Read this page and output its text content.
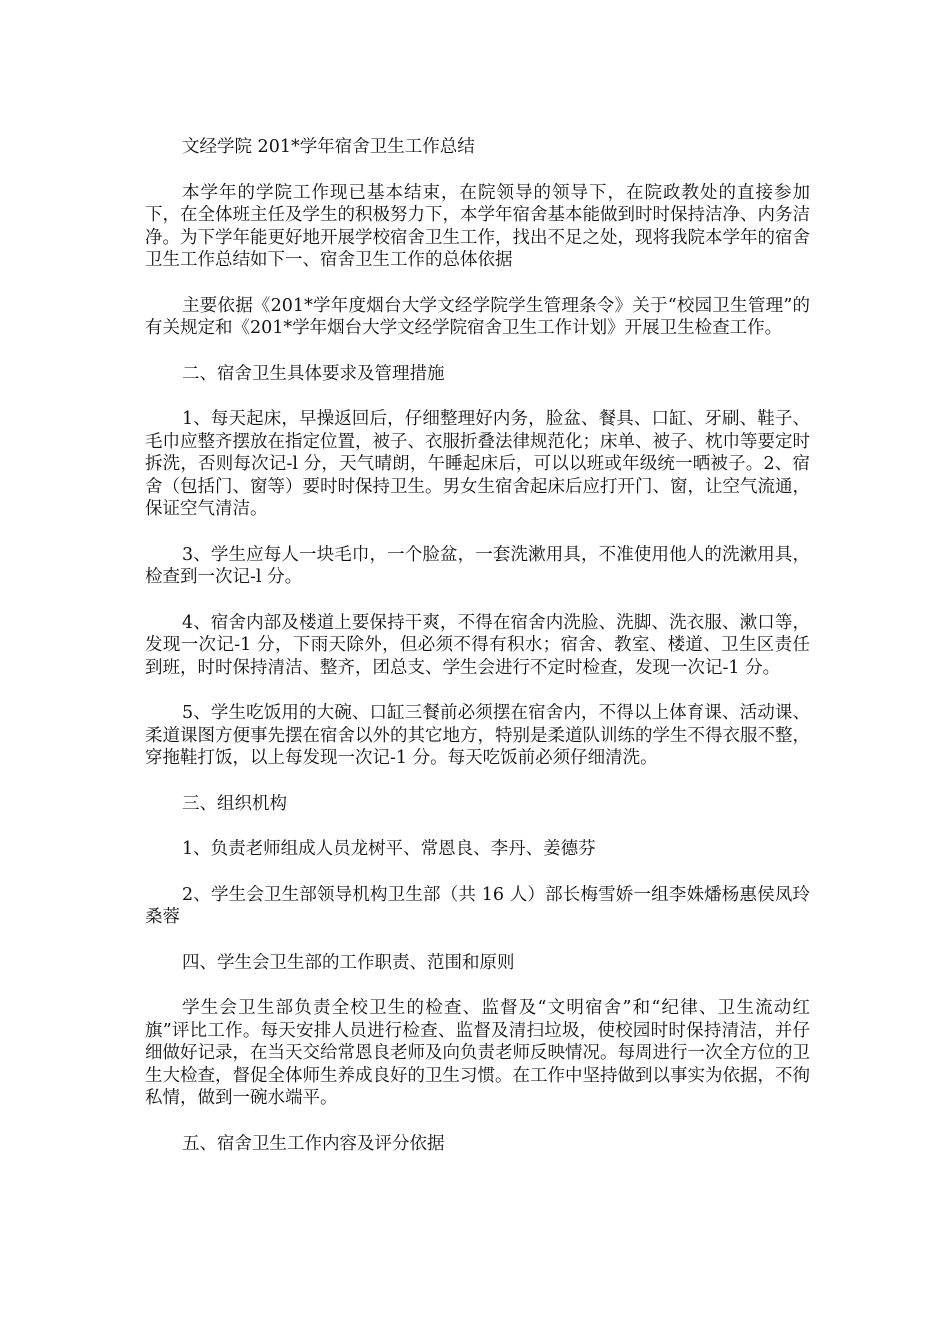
文经学院 201*学年宿舍卫生工作总结

本学年的学院工作现已基本结束，在院领导的领导下，在院政教处的直接参加下，在全体班主任及学生的积极努力下，本学年宿舍基本能做到时时保持洁净、内务洁净。为下学年能更好地开展学校宿舍卫生工作，找出不足之处，现将我院本学年的宿舍卫生工作总结如下一、宿舍卫生工作的总体依据

主要依据《201*学年度烟台大学文经学院学生管理条令》关于“校园卫生管理”的有关规定和《201*学年烟台大学文经学院宿舍卫生工作计划》开展卫生检查工作。

二、宿舍卫生具体要求及管理措施

1、每天起床，早操返回后，仔细整理好内务，脸盆、餐具、口缸、牙刷、鞋子、毛巾应整齐摆放在指定位置，被子、衣服折叠法律规范化；床单、被子、枕巾等要定时拆洗，否则每次记-l 分，天气晴朗，午睡起床后，可以以班或年级统一晒被子。2、宿舍（包括门、窗等）要时时保持卫生。男女生宿舍起床后应打开门、窗，让空气流通，保证空气清洁。

3、学生应每人一块毛巾，一个脸盆，一套洗漱用具，不准使用他人的洗漱用具，检查到一次记-l 分。

4、宿舍内部及楼道上要保持干爽，不得在宿舍内洗脸、洗脚、洗衣服、漱口等，发现一次记-1 分，下雨天除外，但必须不得有积水；宿舍、教室、楼道、卫生区责任到班，时时保持清洁、整齐，团总支、学生会进行不定时检查，发现一次记-1 分。

5、学生吃饭用的大碗、口缸三餐前必须摆在宿舍内，不得以上体育课、活动课、柔道课图方便事先摆在宿舍以外的其它地方，特别是柔道队训练的学生不得衣服不整，穿拖鞋打饭，以上每发现一次记-1 分。每天吃饭前必须仔细清洗。

三、组织机构

1、负责老师组成人员龙树平、常恩良、李丹、姜德芬

2、学生会卫生部领导机构卫生部（共 16 人）部长梅雪娇一组李姝燔杨惠侯凤玲桑蓉

四、学生会卫生部的工作职责、范围和原则

学生会卫生部负责全校卫生的检查、监督及“文明宿舍”和“纪律、卫生流动红旗”评比工作。每天安排人员进行检查、监督及清扫垃圾，使校园时时保持清洁，并仔细做好记录，在当天交给常恩良老师及向负责老师反映情况。每周进行一次全方位的卫生大检查，督促全体师生养成良好的卫生习惯。在工作中坚持做到以事实为依据，不徇私情，做到一碗水端平。

五、宿舍卫生工作内容及评分依据
